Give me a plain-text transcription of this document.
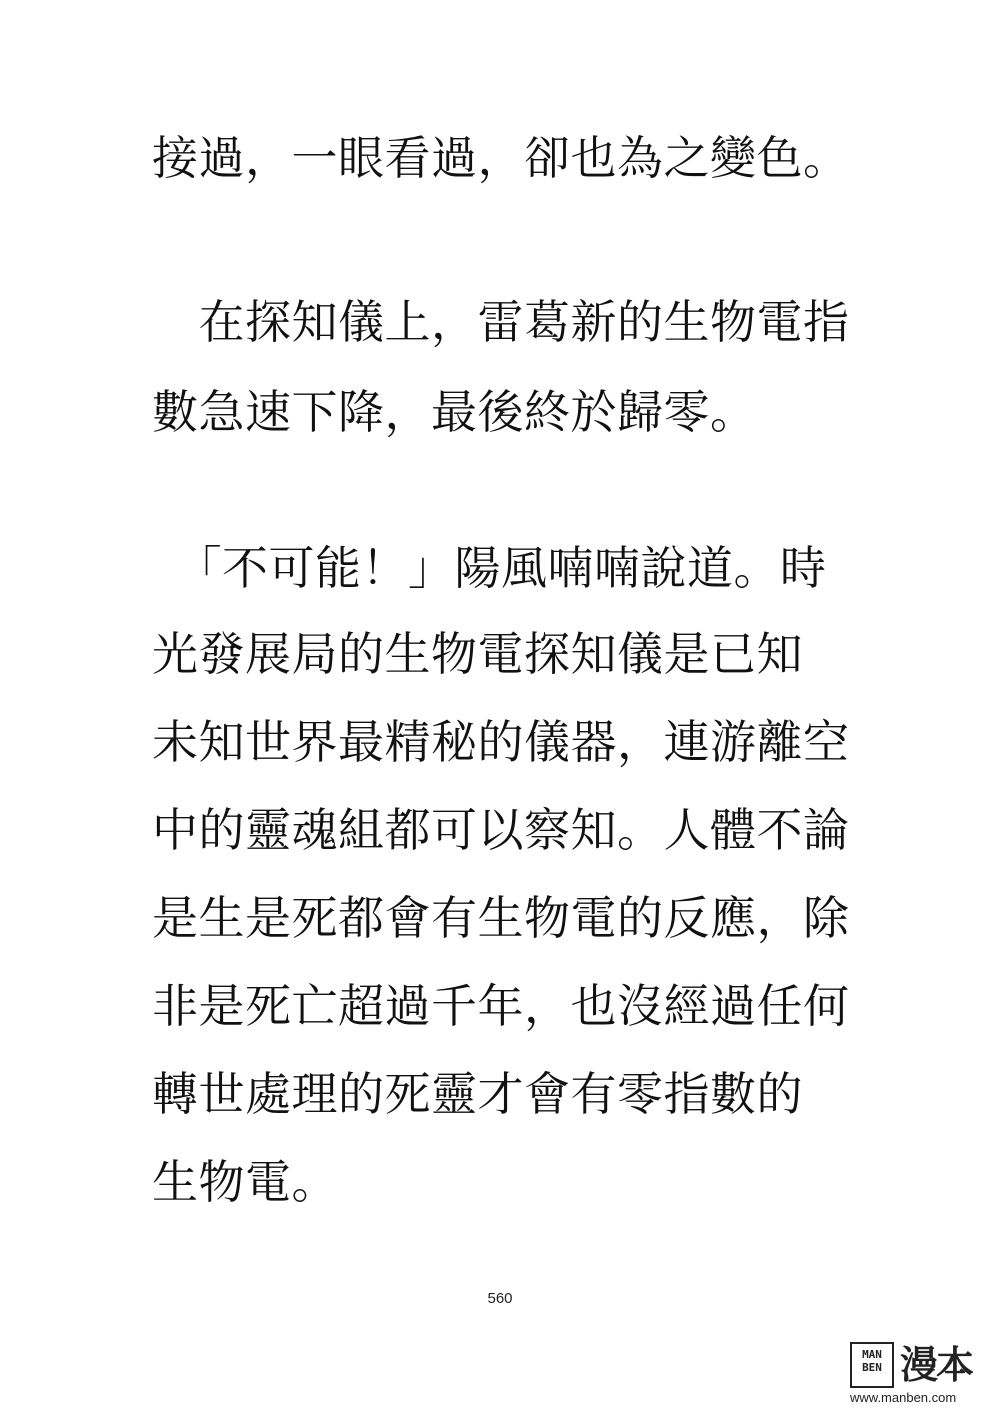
接過，一眼看過，卻也為之變色。
　在探知儀上，雷葛新的生物電指
數急速下降，最後終於歸零。
　「不可能！」陽風喃喃說道。時
光發展局的生物電探知儀是已知
未知世界最精秘的儀器，連游離空
中的靈魂組都可以察知。人體不論
是生是死都會有生物電的反應，除
非是死亡超過千年，也沒經過任何
轉世處理的死靈才會有零指數的
生物電。
560
MAN BEN 漫本
www.manben.com
